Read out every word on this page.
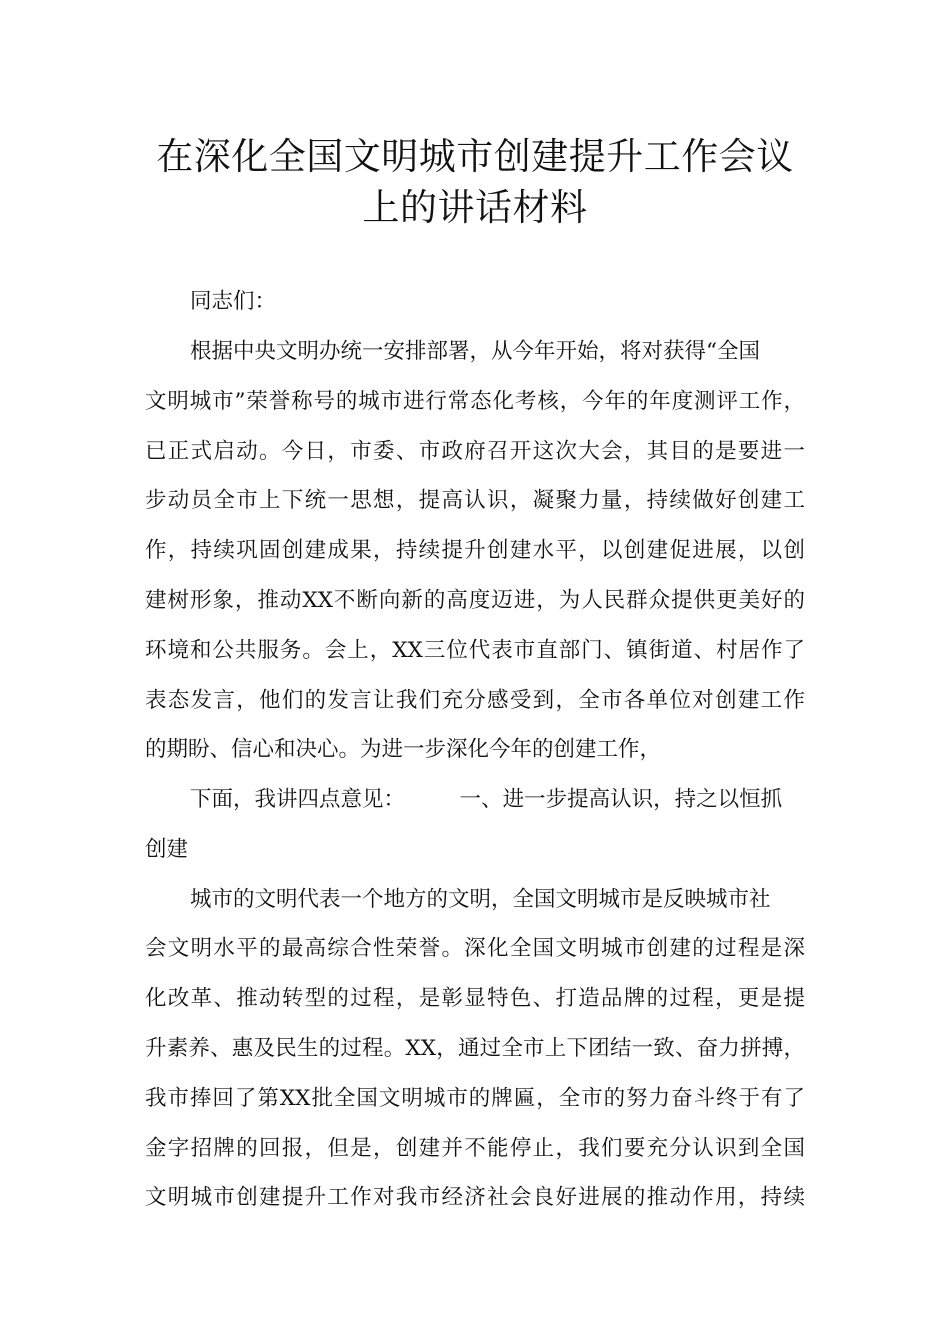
在深化全国文明城市创建提升工作会议
上的讲话材料

同志们：

根据中央文明办统一安排部署，从今年开始，将对获得“全国

文明城市”荣誉称号的城市进行常态化考核，今年的年度测评工作，

已正式启动。今日，市委、市政府召开这次大会，其目的是要进一

步动员全市上下统一思想，提高认识，凝聚力量，持续做好创建工

作，持续巩固创建成果，持续提升创建水平，以创建促进展，以创

建树形象，推动XX不断向新的高度迈进，为人民群众提供更美好的

环境和公共服务。会上，XX三位代表市直部门、镇街道、村居作了

表态发言，他们的发言让我们充分感受到，全市各单位对创建工作

的期盼、信心和决心。为进一步深化今年的创建工作，

下面，我讲四点意见：        一、进一步提高认识，持之以恒抓

创建

城市的文明代表一个地方的文明，全国文明城市是反映城市社

会文明水平的最高综合性荣誉。深化全国文明城市创建的过程是深

化改革、推动转型的过程，是彰显特色、打造品牌的过程，更是提

升素养、惠及民生的过程。XX，通过全市上下团结一致、奋力拼搏，

我市捧回了第XX批全国文明城市的牌匾，全市的努力奋斗终于有了

金字招牌的回报，但是，创建并不能停止，我们要充分认识到全国

文明城市创建提升工作对我市经济社会良好进展的推动作用，持续
